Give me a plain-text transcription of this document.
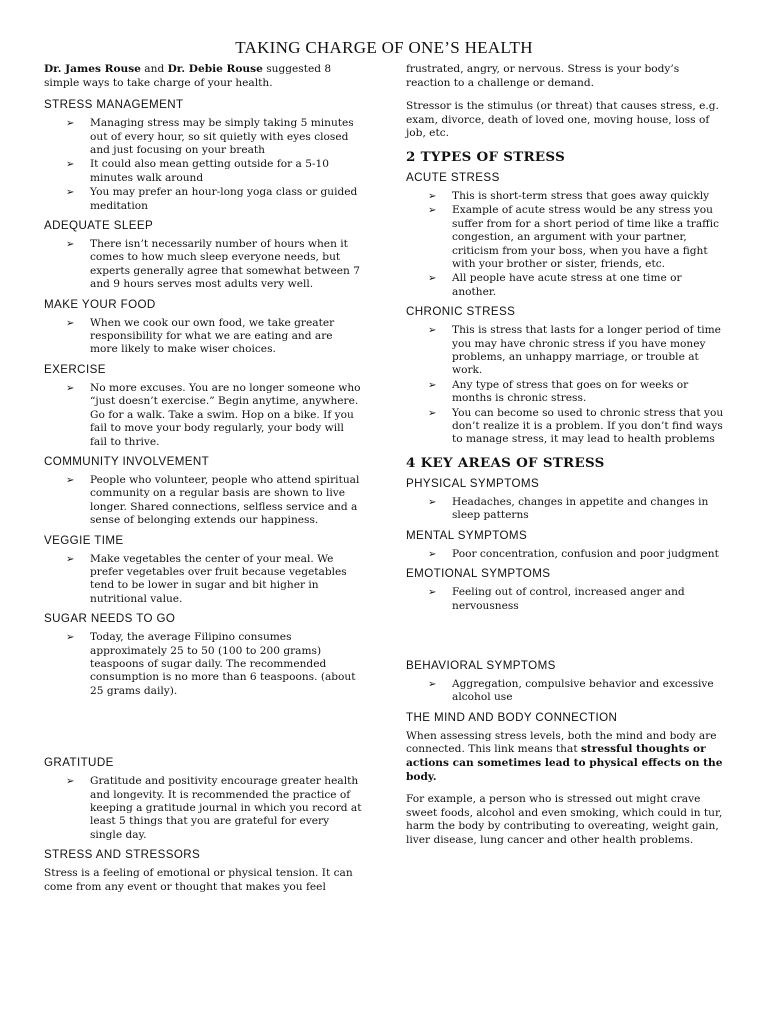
TAKING CHARGE OF ONE’S HEALTH

Dr. James Rouse and Dr. Debie Rouse suggested 8 simple ways to take charge of your health.

STRESS MANAGEMENT
➢ Managing stress may be simply taking 5 minutes out of every hour, so sit quietly with eyes closed and just focusing on your breath
➢ It could also mean getting outside for a 5-10 minutes walk around
➢ You may prefer an hour-long yoga class or guided meditation
ADEQUATE SLEEP
➢ There isn’t necessarily number of hours when it comes to how much sleep everyone needs, but experts generally agree that somewhat between 7 and 9 hours serves most adults very well.
MAKE YOUR FOOD
➢ When we cook our own food, we take greater responsibility for what we are eating and are more likely to make wiser choices.
EXERCISE
➢ No more excuses. You are no longer someone who “just doesn’t exercise.” Begin anytime, anywhere. Go for a walk. Take a swim. Hop on a bike. If you fail to move your body regularly, your body will fail to thrive.
COMMUNITY INVOLVEMENT
➢ People who volunteer, people who attend spiritual community on a regular basis are shown to live longer. Shared connections, selfless service and a sense of belonging extends our happiness.
VEGGIE TIME
➢ Make vegetables the center of your meal. We prefer vegetables over fruit because vegetables tend to be lower in sugar and bit higher in nutritional value.
SUGAR NEEDS TO GO
➢ Today, the average Filipino consumes approximately 25 to 50 (100 to 200 grams) teaspoons of sugar daily. The recommended consumption is no more than 6 teaspoons. (about 25 grams daily).
GRATITUDE
➢ Gratitude and positivity encourage greater health and longevity. It is recommended the practice of keeping a gratitude journal in which you record at least 5 things that you are grateful for every single day.
STRESS AND STRESSORS

Stress is a feeling of emotional or physical tension. It can come from any event or thought that makes you feel

frustrated, angry, or nervous. Stress is your body’s reaction to a challenge or demand.

Stressor is the stimulus (or threat) that causes stress, e.g. exam, divorce, death of loved one, moving house, loss of job, etc.

2 TYPES OF STRESS
ACUTE STRESS
➢ This is short-term stress that goes away quickly
➢ Example of acute stress would be any stress you suffer from for a short period of time like a traffic congestion, an argument with your partner, criticism from your boss, when you have a fight with your brother or sister, friends, etc.
➢ All people have acute stress at one time or another.
CHRONIC STRESS
➢ This is stress that lasts for a longer period of time you may have chronic stress if you have money problems, an unhappy marriage, or trouble at work.
➢ Any type of stress that goes on for weeks or months is chronic stress.
➢ You can become so used to chronic stress that you don’t realize it is a problem. If you don’t find ways to manage stress, it may lead to health problems
4 KEY AREAS OF STRESS
PHYSICAL SYMPTOMS
➢ Headaches, changes in appetite and changes in sleep patterns
MENTAL SYMPTOMS
➢ Poor concentration, confusion and poor judgment
EMOTIONAL SYMPTOMS
➢ Feeling out of control, increased anger and nervousness
BEHAVIORAL SYMPTOMS
➢ Aggregation, compulsive behavior and excessive alcohol use
THE MIND AND BODY CONNECTION

When assessing stress levels, both the mind and body are connected. This link means that stressful thoughts or actions can sometimes lead to physical effects on the body.

For example, a person who is stressed out might crave sweet foods, alcohol and even smoking, which could in tur, harm the body by contributing to overeating, weight gain, liver disease, lung cancer and other health problems.
